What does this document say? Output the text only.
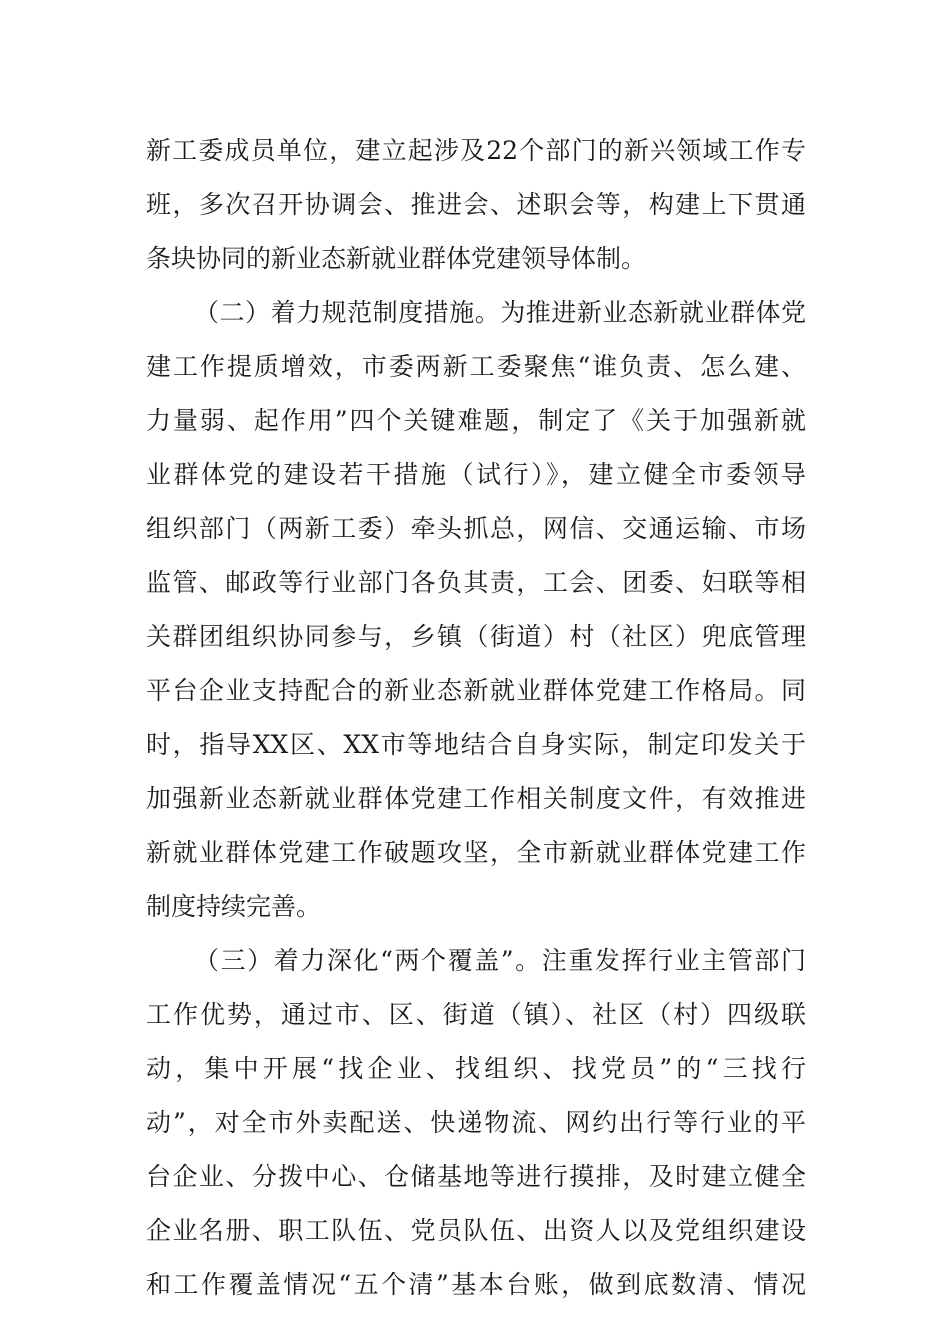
新工委成员单位，建立起涉及22个部门的新兴领域工作专
班，多次召开协调会、推进会、述职会等，构建上下贯通
条块协同的新业态新就业群体党建领导体制。
（二）着力规范制度措施。为推进新业态新就业群体党
建工作提质增效，市委两新工委聚焦“谁负责、怎么建、
力量弱、起作用”四个关键难题，制定了《关于加强新就
业群体党的建设若干措施（试行）》，建立健全市委领导
组织部门（两新工委）牵头抓总，网信、交通运输、市场
监管、邮政等行业部门各负其责，工会、团委、妇联等相
关群团组织协同参与，乡镇（街道）村（社区）兜底管理
平台企业支持配合的新业态新就业群体党建工作格局。同
时，指导XX区、XX市等地结合自身实际，制定印发关于
加强新业态新就业群体党建工作相关制度文件，有效推进
新就业群体党建工作破题攻坚，全市新就业群体党建工作
制度持续完善。
（三）着力深化“两个覆盖”。注重发挥行业主管部门
工作优势，通过市、区、街道（镇）、社区（村）四级联
动，集中开展“找企业、找组织、找党员”的“三找行
动”，对全市外卖配送、快递物流、网约出行等行业的平
台企业、分拨中心、仓储基地等进行摸排，及时建立健全
企业名册、职工队伍、党员队伍、出资人以及党组织建设
和工作覆盖情况“五个清”基本台账，做到底数清、情况
